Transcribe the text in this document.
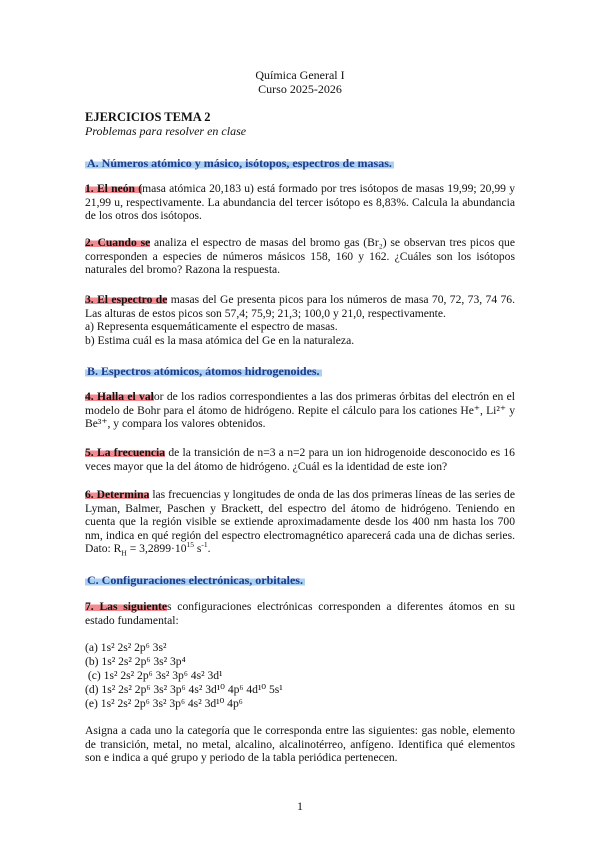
Química General I
Curso 2025-2026
EJERCICIOS TEMA 2
Problemas para resolver en clase
A. Números atómico y másico, isótopos, espectros de masas.
1. El neón (masa atómica 20,183 u) está formado por tres isótopos de masas 19,99; 20,99 y 21,99 u, respectivamente. La abundancia del tercer isótopo es 8,83%. Calcula la abundancia de los otros dos isótopos.
2. Cuando se analiza el espectro de masas del bromo gas (Br₂) se observan tres picos que corresponden a especies de números másicos 158, 160 y 162. ¿Cuáles son los isótopos naturales del bromo? Razona la respuesta.
3. El espectro de masas del Ge presenta picos para los números de masa 70, 72, 73, 74 76. Las alturas de estos picos son 57,4; 75,9; 21,3; 100,0 y 21,0, respectivamente.
a) Representa esquemáticamente el espectro de masas.
b) Estima cuál es la masa atómica del Ge en la naturaleza.
B. Espectros atómicos, átomos hidrogenoides.
4. Halla el valor de los radios correspondientes a las dos primeras órbitas del electrón en el modelo de Bohr para el átomo de hidrógeno. Repite el cálculo para los cationes He⁺, Li²⁺ y Be³⁺, y compara los valores obtenidos.
5. La frecuencia de la transición de n=3 a n=2 para un ion hidrogenoide desconocido es 16 veces mayor que la del átomo de hidrógeno. ¿Cuál es la identidad de este ion?
6. Determina las frecuencias y longitudes de onda de las dos primeras líneas de las series de Lyman, Balmer, Paschen y Brackett, del espectro del átomo de hidrógeno. Teniendo en cuenta que la región visible se extiende aproximadamente desde los 400 nm hasta los 700 nm, indica en qué región del espectro electromagnético aparecerá cada una de dichas series. Dato: $R_H = 3,2899\cdot 10^{15}$ $s^{-1}$.
C. Configuraciones electrónicas, orbitales.
7. Las siguientes configuraciones electrónicas corresponden a diferentes átomos en su estado fundamental:
(a) 1s² 2s² 2p⁶ 3s²
(b) 1s² 2s² 2p⁶ 3s² 3p⁴
(c) 1s² 2s² 2p⁶ 3s² 3p⁶ 4s² 3d¹
(d) 1s² 2s² 2p⁶ 3s² 3p⁶ 4s² 3d¹⁰ 4p⁶ 4d¹⁰ 5s¹
(e) 1s² 2s² 2p⁶ 3s² 3p⁶ 4s² 3d¹⁰ 4p⁶
Asigna a cada uno la categoría que le corresponda entre las siguientes: gas noble, elemento de transición, metal, no metal, alcalino, alcalinotérreo, anfígeno. Identifica qué elementos son e indica a qué grupo y periodo de la tabla periódica pertenecen.
1
